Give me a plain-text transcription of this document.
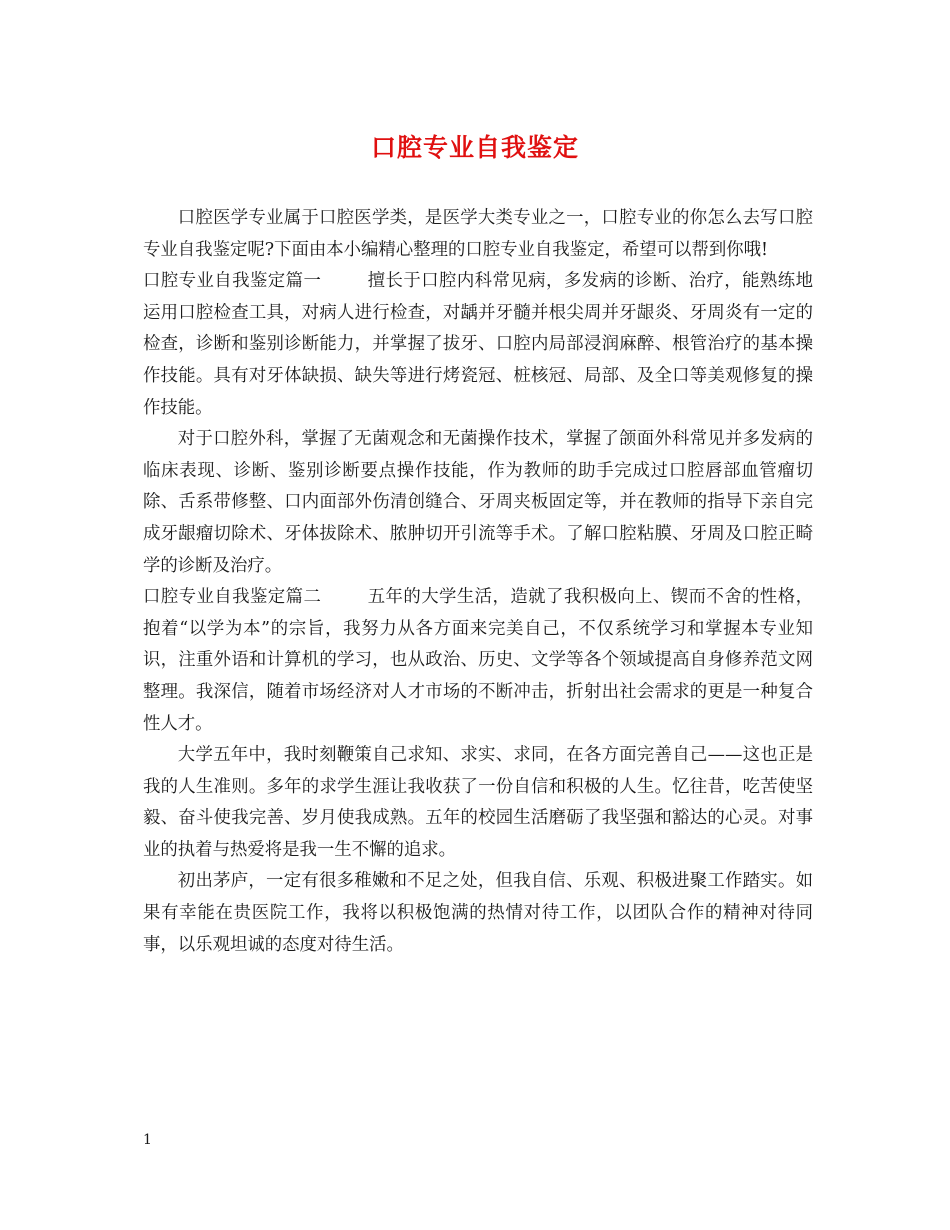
口腔专业自我鉴定

口腔医学专业属于口腔医学类，是医学大类专业之一，口腔专业的你怎么去写口腔专业自我鉴定呢?下面由本小编精心整理的口腔专业自我鉴定，希望可以帮到你哦!

口腔专业自我鉴定篇一	擅长于口腔内科常见病，多发病的诊断、治疗，能熟练地运用口腔检查工具，对病人进行检查，对龋并牙髓并根尖周并牙龈炎、牙周炎有一定的检查，诊断和鉴别诊断能力，并掌握了拔牙、口腔内局部浸润麻醉、根管治疗的基本操作技能。具有对牙体缺损、缺失等进行烤瓷冠、桩核冠、局部、及全口等美观修复的操作技能。

对于口腔外科，掌握了无菌观念和无菌操作技术，掌握了颌面外科常见并多发病的临床表现、诊断、鉴别诊断要点操作技能，作为教师的助手完成过口腔唇部血管瘤切除、舌系带修整、口内面部外伤清创缝合、牙周夹板固定等，并在教师的指导下亲自完成牙龈瘤切除术、牙体拔除术、脓肿切开引流等手术。了解口腔粘膜、牙周及口腔正畸学的诊断及治疗。

口腔专业自我鉴定篇二	五年的大学生活，造就了我积极向上、锲而不舍的性格，抱着“以学为本”的宗旨，我努力从各方面来完美自己，不仅系统学习和掌握本专业知识，注重外语和计算机的学习，也从政治、历史、文学等各个领域提高自身修养范文网整理。我深信，随着市场经济对人才市场的不断冲击，折射出社会需求的更是一种复合性人才。

大学五年中，我时刻鞭策自己求知、求实、求同，在各方面完善自己——这也正是我的人生准则。多年的求学生涯让我收获了一份自信和积极的人生。忆往昔，吃苦使坚毅、奋斗使我完善、岁月使我成熟。五年的校园生活磨砺了我坚强和豁达的心灵。对事业的执着与热爱将是我一生不懈的追求。

初出茅庐，一定有很多稚嫩和不足之处，但我自信、乐观、积极进聚工作踏实。如果有幸能在贵医院工作，我将以积极饱满的热情对待工作，以团队合作的精神对待同事，以乐观坦诚的态度对待生活。

1
